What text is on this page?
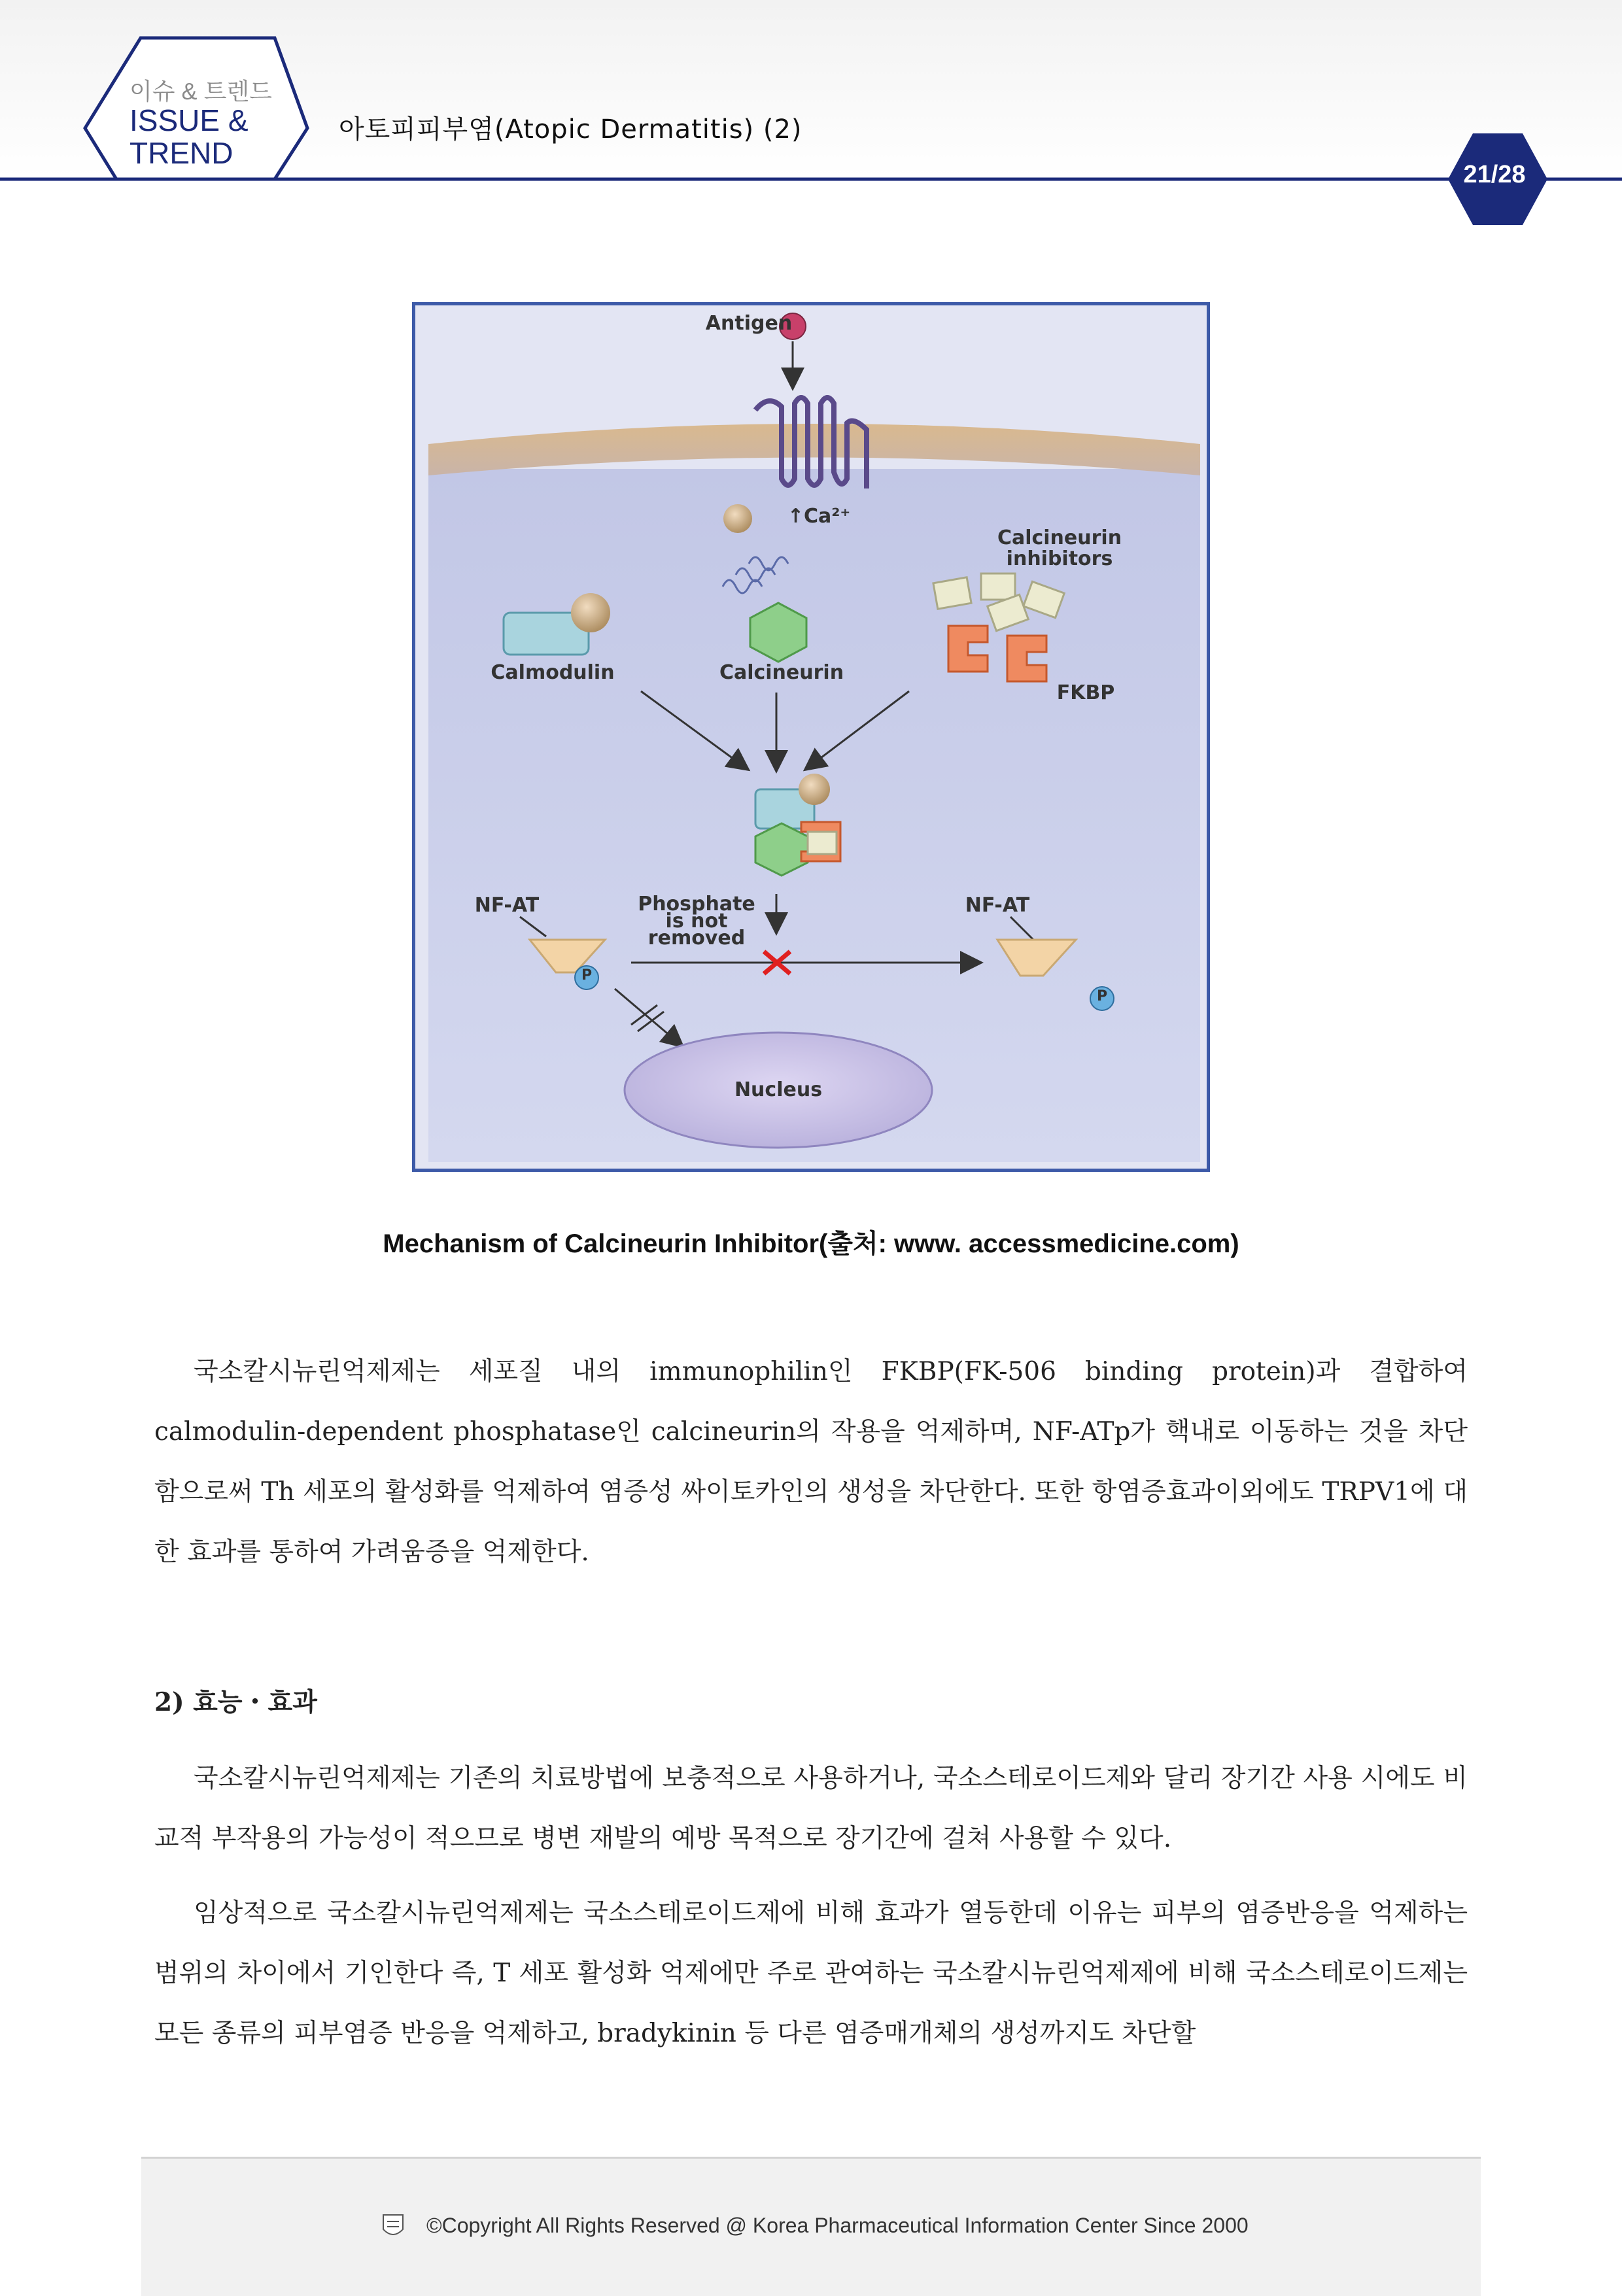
이슈 & 트렌드
ISSUE &
TREND
아토피피부염(Atopic Dermatitis) (2)
21/28
Antigen
↑Ca²⁺
Calcineurin
inhibitors
Calmodulin	Calcineurin
FKBP
NF-AT	Phosphate
is not
removed
NF-AT
P
P
Nucleus
Mechanism of Calcineurin Inhibitor(출처: www. accessmedicine.com)
국소칼시뉴린억제제는 세포질 내의 immunophilin인 FKBP(FK-506 binding protein)과 결합하여 calmodulin-dependent phosphatase인 calcineurin의 작용을 억제하며, NF-ATp가 핵내로 이동하는 것을 차단함으로써 Th 세포의 활성화를 억제하여 염증성 싸이토카인의 생성을 차단한다. 또한 항염증효과이외에도 TRPV1에 대한 효과를 통하여 가려움증을 억제한다.
2) 효능・효과
국소칼시뉴린억제제는 기존의 치료방법에 보충적으로 사용하거나, 국소스테로이드제와 달리 장기간 사용 시에도 비교적 부작용의 가능성이 적으므로 병변 재발의 예방 목적으로 장기간에 걸쳐 사용할 수 있다.
임상적으로 국소칼시뉴린억제제는 국소스테로이드제에 비해 효과가 열등한데 이유는 피부의 염증반응을 억제하는 범위의 차이에서 기인한다 즉, T 세포 활성화 억제에만 주로 관여하는 국소칼시뉴린억제제에 비해 국소스테로이드제는 모든 종류의 피부염증 반응을 억제하고, bradykinin 등 다른 염증매개체의 생성까지도 차단할
©Copyright All Rights Reserved @ Korea Pharmaceutical Information Center Since 2000
